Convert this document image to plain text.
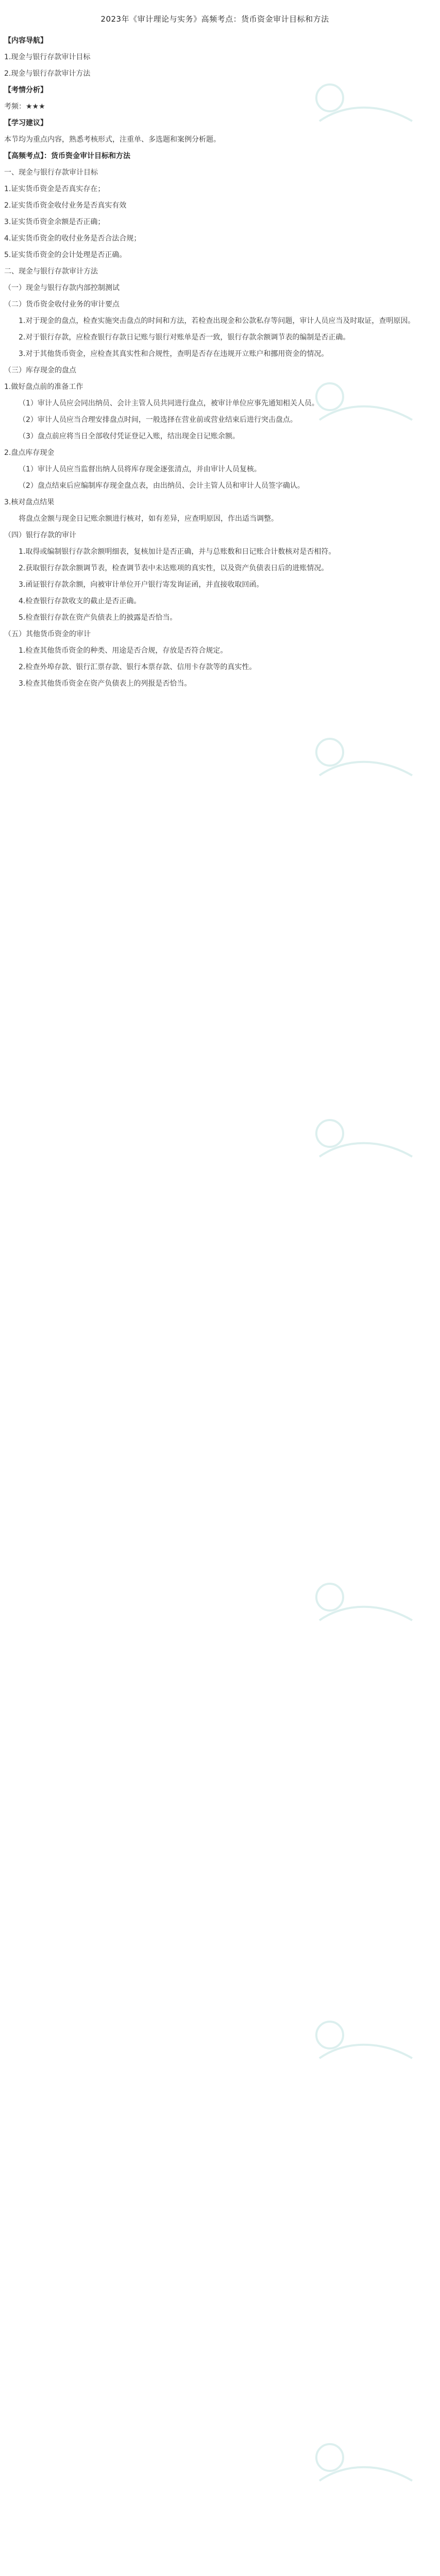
2023年《审计理论与实务》高频考点：货币资金审计目标和方法
【内容导航】
1.现金与银行存款审计目标
2.现金与银行存款审计方法
【考情分析】
考频：★★★
【学习建议】
本节均为重点内容，熟悉考核形式，注重单、多选题和案例分析题。
【高频考点】：货币资金审计目标和方法
一、现金与银行存款审计目标
1.证实货币资金是否真实存在；
2.证实货币资金收付业务是否真实有效
3.证实货币资金余额是否正确；
4.证实货币资金的收付业务是否合法合规；
5.证实货币资金的会计处理是否正确。
二、现金与银行存款审计方法
（一）现金与银行存款内部控制测试
（二）货币资金收付业务的审计要点
1.对于现金的盘点，检查实施突击盘点的时间和方法，若检查出现金和公款私存等问题，审计人员应当及时取证，查明原因。
2.对于银行存款，应检查银行存款日记账与银行对账单是否一致，银行存款余额调节表的编制是否正确。
3.对于其他货币资金，应检查其真实性和合规性，查明是否存在违规开立账户和挪用资金的情况。
（三）库存现金的盘点
1.做好盘点前的准备工作
（1）审计人员应会同出纳员、会计主管人员共同进行盘点，被审计单位应事先通知相关人员。
（2）审计人员应当合理安排盘点时间，一般选择在营业前或营业结束后进行突击盘点。
（3）盘点前应将当日全部收付凭证登记入账，结出现金日记账余额。
2.盘点库存现金
（1）审计人员应当监督出纳人员将库存现金逐张清点，并由审计人员复核。
（2）盘点结束后应编制库存现金盘点表，由出纳员、会计主管人员和审计人员签字确认。
3.核对盘点结果
将盘点金额与现金日记账余额进行核对，如有差异，应查明原因，作出适当调整。
（四）银行存款的审计
1.取得或编制银行存款余额明细表，复核加计是否正确，并与总账数和日记账合计数核对是否相符。
2.获取银行存款余额调节表，检查调节表中未达账项的真实性，以及资产负债表日后的进账情况。
3.函证银行存款余额，向被审计单位开户银行寄发询证函，并直接收取回函。
4.检查银行存款收支的截止是否正确。
5.检查银行存款在资产负债表上的披露是否恰当。
（五）其他货币资金的审计
1.检查其他货币资金的种类、用途是否合规，存放是否符合规定。
2.检查外埠存款、银行汇票存款、银行本票存款、信用卡存款等的真实性。
3.检查其他货币资金在资产负债表上的列报是否恰当。
